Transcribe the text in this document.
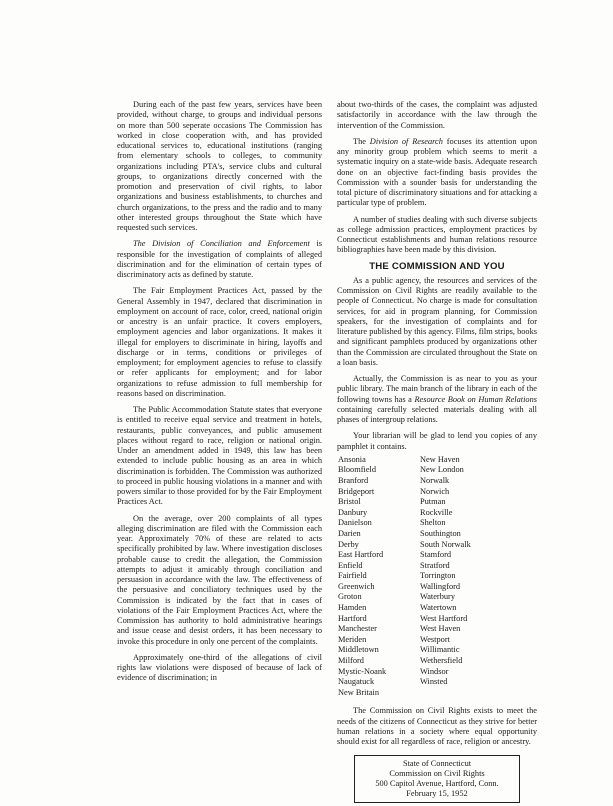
During each of the past few years, services have been provided, without charge, to groups and individual persons on more than 500 seperate occasions The Commission has worked in close cooperation with, and has provided educational services to, educational institutions (ranging from elementary schools to colleges, to community organizations including PTA's, service clubs and cultural groups, to organizations directly concerned with the promotion and preservation of civil rights, to labor organizations and business establishments, to churches and church organizations, to the press and the radio and to many other interested groups throughout the State which have requested such services.

The Division of Conciliation and Enforcement is responsible for the investigation of complaints of alleged discrimination and for the elimination of certain types of discriminatory acts as defined by statute.

The Fair Employment Practices Act, passed by the General Assembly in 1947, declared that discrimination in employment on account of race, color, creed, national origin or ancestry is an unfair practice. It covers employers, employment agencies and labor organizations. It makes it illegal for employers to discriminate in hiring, layoffs and discharge or in terms, conditions or privileges of employment; for employment agencies to refuse to classify or refer applicants for employment; and for labor organizations to refuse admission to full membership for reasons based on discrimination.

The Public Accommodation Statute states that everyone is entitled to receive equal service and treatment in hotels, restaurants, public conveyances, and public amusement places without regard to race, religion or national origin. Under an amendment added in 1949, this law has been extended to include public housing as an area in which discrimination is forbidden. The Commission was authorized to proceed in public housing violations in a manner and with powers similar to those provided for by the Fair Employment Practices Act.

On the average, over 200 complaints of all types alleging discrimination are filed with the Commission each year. Approximately 70% of these are related to acts specifically prohibited by law. Where investigation discloses probable cause to credit the allegation, the Commission attempts to adjust it amicably through conciliation and persuasion in accordance with the law. The effectiveness of the persuasive and conciliatory techniques used by the Commission is indicated by the fact that in cases of violations of the Fair Employment Practices Act, where the Commission has authority to hold administrative hearings and issue cease and desist orders, it has been necessary to invoke this procedure in only one percent of the complaints.

Approximately one-third of the allegations of civil rights law violations were disposed of because of lack of evidence of discrimination; in

about two-thirds of the cases, the complaint was adjusted satisfactorily in accordance with the law through the intervention of the Commission.

The Division of Research focuses its attention upon any minority group problem which seems to merit a systematic inquiry on a state-wide basis. Adequate research done on an objective fact-finding basis provides the Commission with a sounder basis for understanding the total picture of discriminatory situations and for attacking a particular type of problem.

A number of studies dealing with such diverse subjects as college admission practices, employment practices by Connecticut establishments and human relations resource bibliographies have been made by this division.

THE COMMISSION AND YOU

As a public agency, the resources and services of the Commission on Civil Rights are readily available to the people of Connecticut. No charge is made for consultation services, for aid in program planning, for Commission speakers, for the investigation of complaints and for literature published by this agency. Films, film strips, books and significant pamphlets produced by organizations other than the Commission are circulated throughout the State on a loan basis.

Actually, the Commission is as near to you as your public library. The main branch of the library in each of the following towns has a Resource Book on Human Relations containing carefully selected materials dealing with all phases of intergroup relations.

Your librarian will be glad to lend you copies of any pamphlet it contains.

Ansonia
Bloomfield
Branford
Bridgeport
Bristol
Danbury
Danielson
Darien
Derby
East Hartford
Enfield
Fairfield
Greenwich
Groton
Hamden
Hartford
Manchester
Meriden
Middletown
Milford
Mystic-Noank
Naugatuck
New Britain
New Haven
New London
Norwalk
Norwich
Putman
Rockville
Shelton
Southington
South Norwalk
Stamford
Stratford
Torrington
Wallingford
Waterbury
Watertown
West Hartford
West Haven
Westport
Willimantic
Wethersfield
Windsor
Winsted

The Commission on Civil Rights exists to meet the needs of the citizens of Connecticut as they strive for better human relations in a society where equal opportunity should exist for all regardless of race, religion or ancestry.

State of Connecticut
Commission on Civil Rights
500 Capitol Avenue, Hartford, Conn.
February 15, 1952
